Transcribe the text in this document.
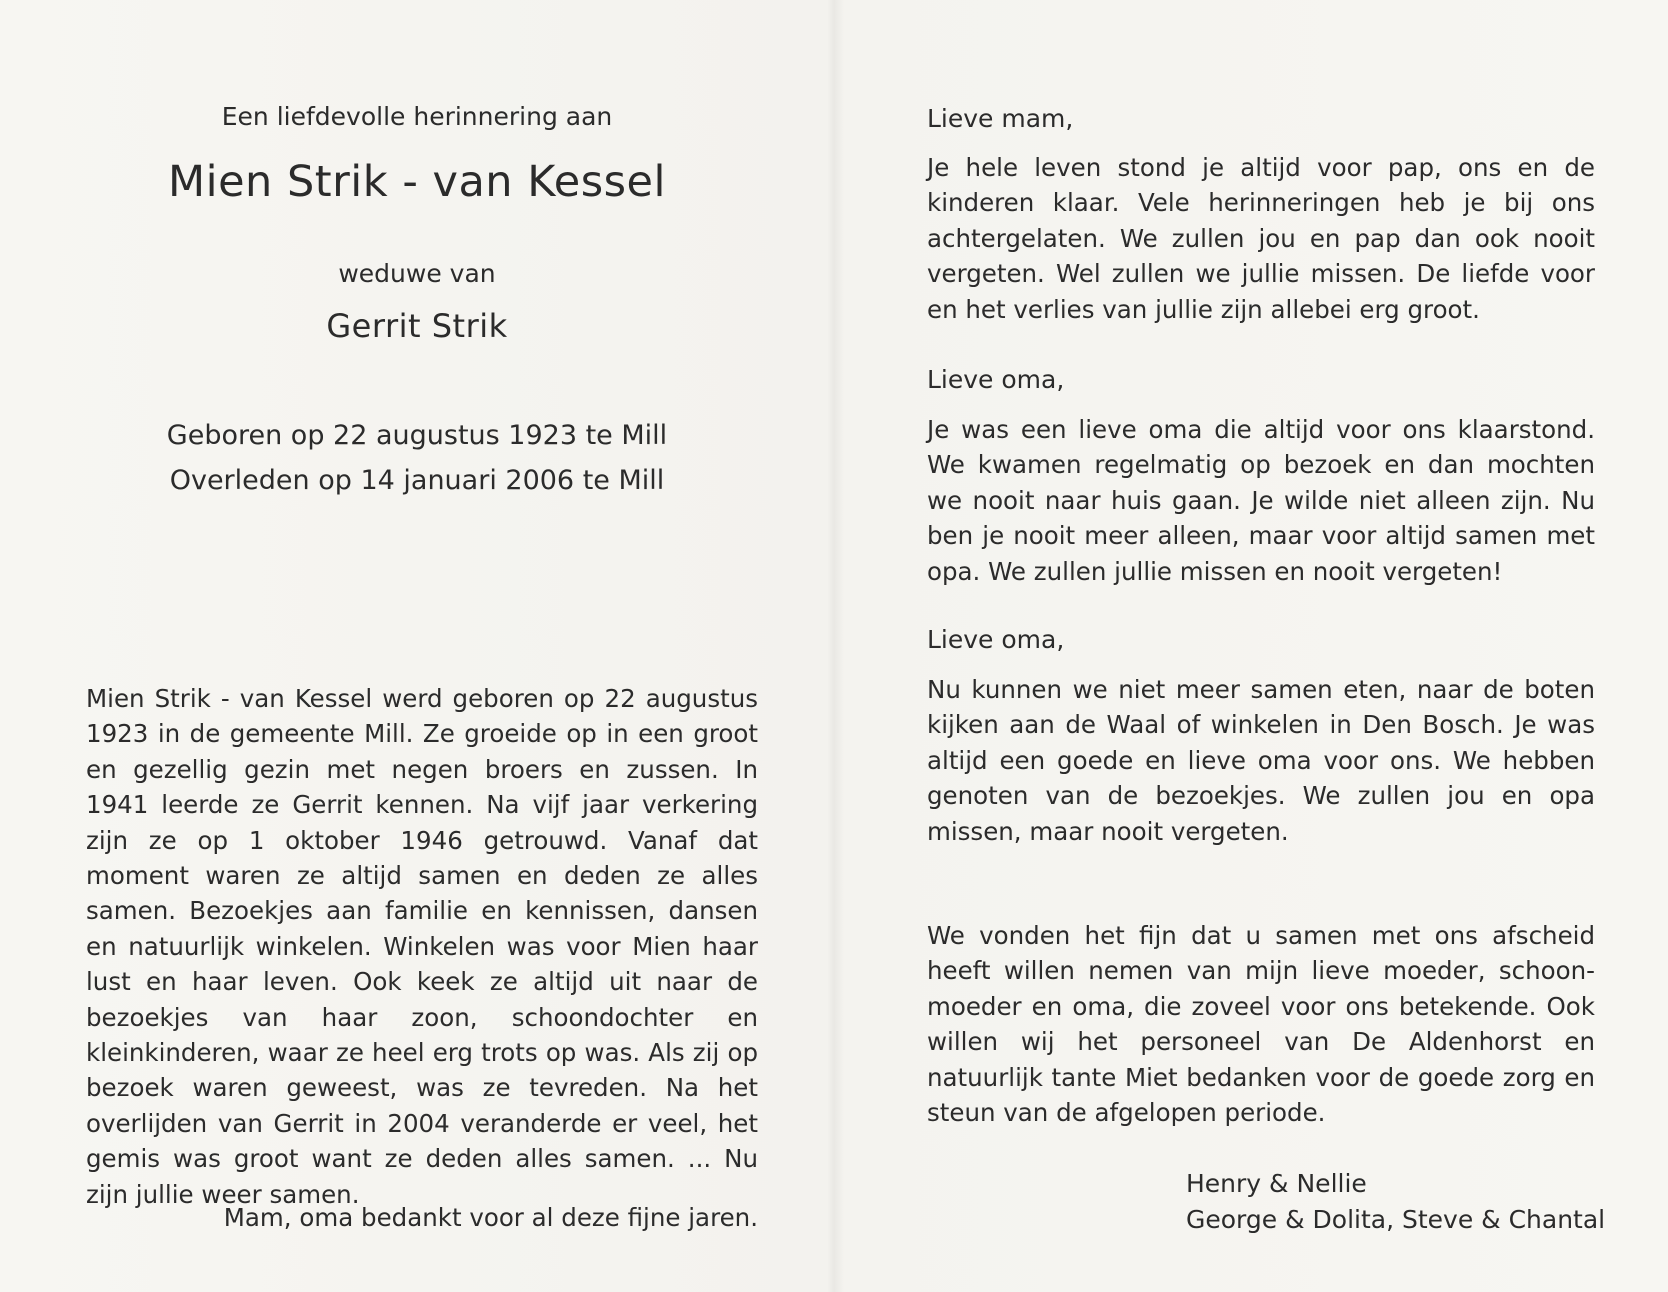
Een liefdevolle herinnering aan
Mien Strik - van Kessel
weduwe van
Gerrit Strik
Geboren op 22 augustus 1923 te Mill
Overleden op 14 januari 2006 te Mill
Mien Strik - van Kessel werd geboren op 22 augustus 1923 in de gemeente Mill. Ze groeide op in een groot en gezellig gezin met negen broers en zussen. In 1941 leerde ze Gerrit kennen. Na vijf jaar verkering zijn ze op 1 oktober 1946 getrouwd. Vanaf dat moment waren ze altijd samen en deden ze alles samen. Bezoekjes aan familie en kennissen, dansen en natuurlijk winkelen. Winkelen was voor Mien haar lust en haar leven. Ook keek ze altijd uit naar de bezoekjes van haar zoon, schoondochter en kleinkinderen, waar ze heel erg trots op was. Als zij op bezoek waren geweest, was ze tevreden. Na het overlijden van Gerrit in 2004 veranderde er veel, het gemis was groot want ze deden alles samen. ... Nu zijn jullie weer samen.
Mam, oma bedankt voor al deze fijne jaren.
Lieve mam,
Je hele leven stond je altijd voor pap, ons en de kinderen klaar. Vele herinneringen heb je bij ons achtergelaten. We zullen jou en pap dan ook nooit vergeten. Wel zullen we jullie missen. De liefde voor en het verlies van jullie zijn allebei erg groot.
Lieve oma,
Je was een lieve oma die altijd voor ons klaarstond. We kwamen regelmatig op bezoek en dan mochten we nooit naar huis gaan. Je wilde niet alleen zijn. Nu ben je nooit meer alleen, maar voor altijd samen met opa. We zullen jullie missen en nooit vergeten!
Lieve oma,
Nu kunnen we niet meer samen eten, naar de boten kijken aan de Waal of winkelen in Den Bosch. Je was altijd een goede en lieve oma voor ons. We hebben genoten van de bezoekjes. We zullen jou en opa missen, maar nooit vergeten.
We vonden het fijn dat u samen met ons afscheid heeft willen nemen van mijn lieve moeder, schoon-moeder en oma, die zoveel voor ons betekende. Ook willen wij het personeel van De Aldenhorst en natuurlijk tante Miet bedanken voor de goede zorg en steun van de afgelopen periode.
Henry & Nellie
George & Dolita, Steve & Chantal
